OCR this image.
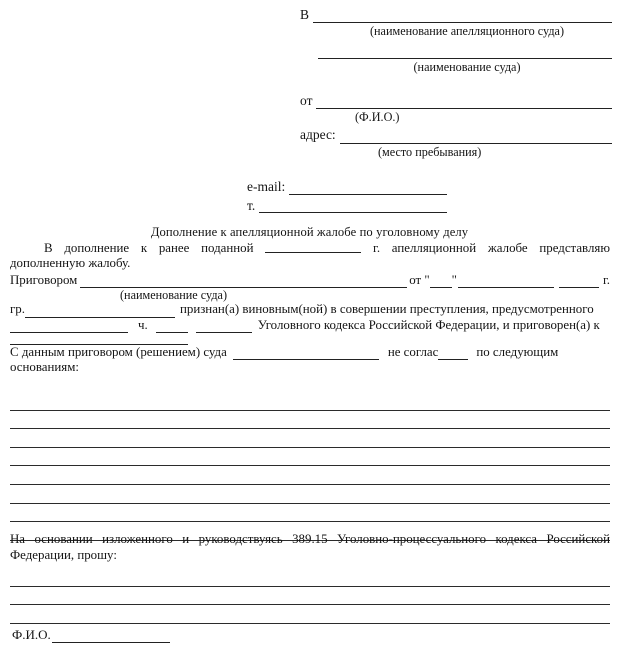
В
(наименование апелляционного суда)
(наименование суда)
от
(Ф.И.О.)
адрес:
(место пребывания)
e-mail:
т.
Дополнение к апелляционной жалобе по уголовному делу
В дополнение к ранее поданной	г. апелляционной жалобе представляю дополненную жалобу.
Приговором	от " "	г.
(наименование суда)
гр.	признан(а) виновным(ной) в совершении преступления, предусмотренного
ч.	Уголовного кодекса Российской Федерации, и приговорен(а) к
С данным приговором (решением) суда	не соглас	по следующим
основаниям:
На основании изложенного и руководствуясь 389.15 Уголовно-процессуального кодекса Российской Федерации, прошу:
Ф.И.О.
